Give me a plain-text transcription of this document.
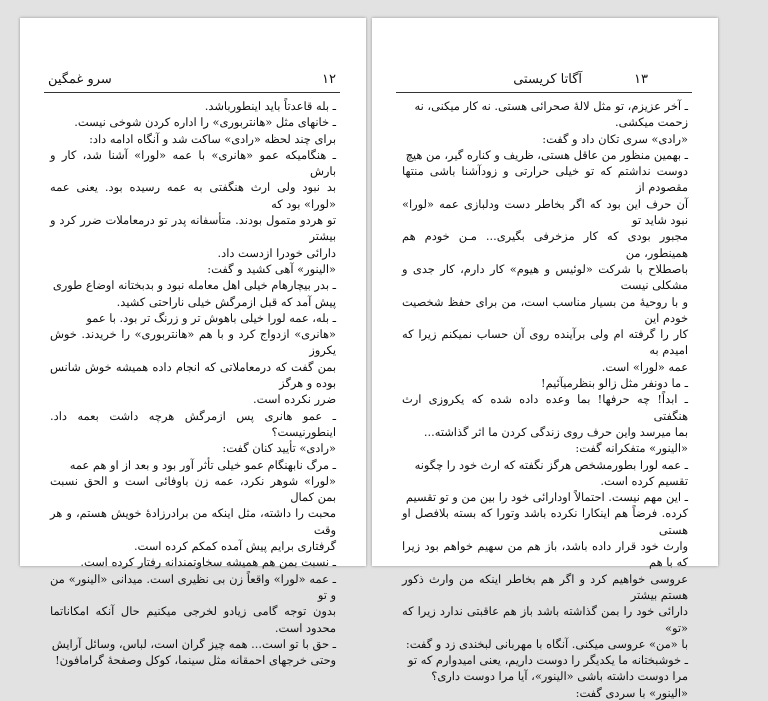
۱۲
سرو غمگین

ـ بله قاعدتاً باید اینطورباشد.

ـ خانهای مثل «هانتربوری» را اداره کردن شوخی نیست.

برای چند لحظه «رادی» ساکت شد و آنگاه ادامه داد:

ـ هنگامیکه عمو «هانری» با عمه «لورا» آشنا شد، کار و بارش

بد نبود ولی ارث هنگفتی به عمه رسیده بود. یعنی عمه «لورا» بود که

تو هردو متمول بودند. متأسفانه پدر تو درمعاملات ضرر کرد و بیشتر

دارائی خودرا ازدست داد.

«الینور» آهی کشید و گفت:

ـ بدر بیچارهام خیلی اهل معامله نبود و بدبختانه اوضاع طوری

پیش آمد که قبل ازمرگش خیلی ناراحتی کشید.

ـ بله، عمه لورا خیلی باهوش تر و زرنگ تر بود. با عمو

«هانری» ازدواج کرد و با هم «هانتربوری» را خریدند. خوش یکروز

بمن گفت که درمعاملاتی که انجام داده همیشه خوش شانس بوده و هرگز

ضرر نکرده است.

ـ عمو هانری پس ازمرگش هرچه داشت بعمه داد. اینطورنیست؟

«رادی» تأیید کنان گفت:

ـ مرگ نابهنگام عمو خیلی تأثر آور بود و بعد از او هم عمه

«لورا» شوهر نکرد، عمه زن باوفائی است و الحق نسبت بمن کمال

محبت را داشته، مثل اینکه من برادرزادهٔ خویش هستم، و هر وقت

گرفتاری برایم پیش آمده کمکم کرده است.

ـ نسبت بمن هم همیشه سخاوتمندانه رفتار کرده است.

ـ عمه «لورا» واقعاً زن بی نظیری است. میدانی «الینور» من و تو

بدون توجه گامی زیادو لخرجی میکنیم حال آنکه امکاناتما محدود است.

ـ حق با تو است... همه چیز گران است، لباس، وسائل آرایش

وحتی خرجهای احمقانه مثل سینما، کوکل وصفحهٔ گرامافون!

۱۳
آگاتا کریستی

ـ آخر عزیزم، تو مثل لالهٔ صحرائی هستی. نه کار میکنی، نه

زحمت میکشی.

«رادی» سری تکان داد و گفت:

ـ بهمین منظور من عاقل هستی، ظریف و کناره گیر، من هیچ

دوست نداشتم که تو خیلی حرارتی و زودآشنا باشی منتها مقصودم از

آن حرف این بود که اگر بخاطر دست ودلبازی عمه «لورا» نبود شاید تو

مجبور بودی که کار مزخرفی بگیری... مـن خودم هم همینطور، من

باصطلاح با شرکت «لوئیس و هیوم» کار دارم، کار جدی و مشکلی نیست

و با روحیهٔ من بسیار مناسب است، من برای حفظ شخصیت خودم این

کار را گرفته ام ولی برآینده روی آن حساب نمیکنم زیرا که امیدم به

عمه «لورا» است.

ـ ما دونفر مثل زالو بنظرمیآئیم!

ـ ابداً! چه حرفها! بما وعده داده شده که یکروزی ارث هنگفتی

بما میرسد واین حرف روی زندگی کردن ما اثر گذاشته...

«الینور» متفکرانه گفت:

ـ عمه لورا بطورمشخص هرگز نگفته که ارث خود را چگونه

تقسیم کرده است.

ـ این مهم نیست. احتمالاً اودارائی خود را بین من و تو تقسیم

کرده. فرضاً هم اینکارا نکرده باشد وتورا که بسته بلافصل او هستی

وارث خود قرار داده باشد، باز هم من سهیم خواهم بود زیرا که با هم

عروسی خواهیم کرد و اگر هم بخاطر اینکه من وارث ذکور هستم بیشتر

دارائی خود را بمن گذاشته باشد باز هم عاقبتی ندارد زیرا که «تو»

با «من» عروسی میکنی. آنگاه با مهربانی لبخندی زد و گفت:

ـ خوشبختانه ما یکدیگر را دوست داریم، یعنی امیدوارم که تو

مرا دوست داشته باشی «الینور»، آیا مرا دوست داری؟

«الینور» با سردی گفت:
